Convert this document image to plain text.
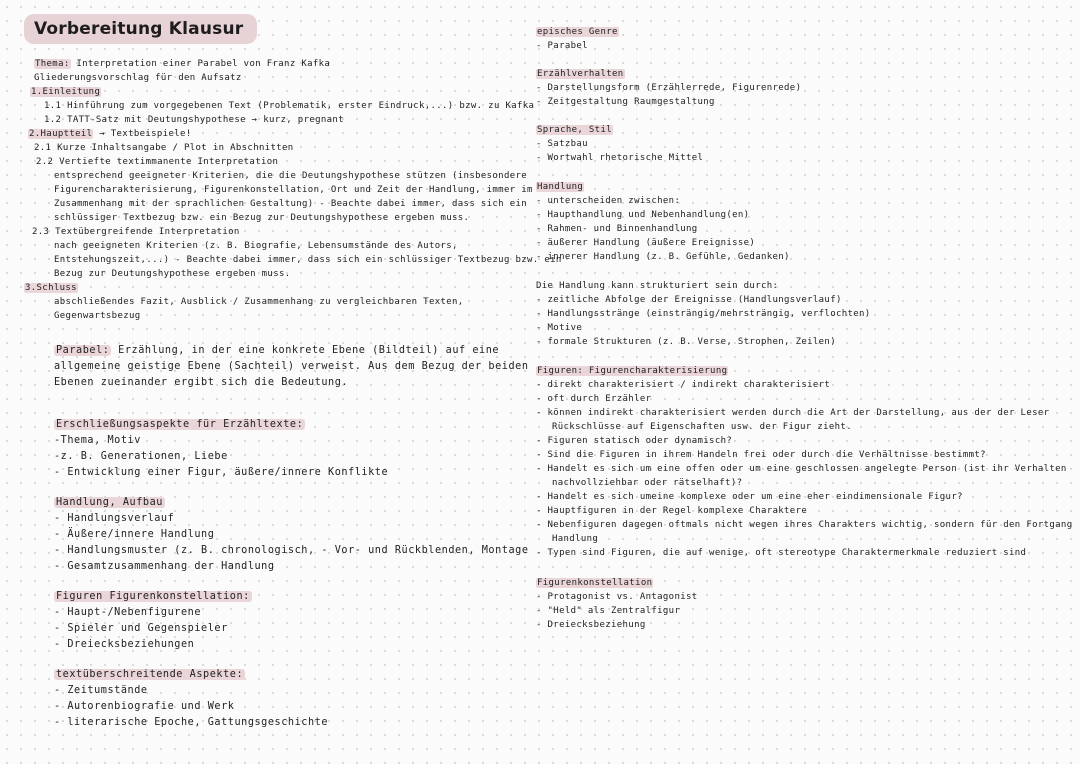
Vorbereitung Klausur
Thema: Interpretation einer Parabel von Franz Kafka
Gliederungsvorschlag für den Aufsatz
1.Einleitung
1.1 Hinführung zum vorgegebenen Text (Problematik, erster Eindruck,...) bzw. zu Kafka
1.2 TATT-Satz mit Deutungshypothese → kurz, pregnant
2.Hauptteil → Textbeispiele!
2.1 Kurze Inhaltsangabe / Plot in Abschnitten
2.2 Vertiefte textimmanente Interpretation
entsprechend geeigneter Kriterien, die die Deutungshypothese stützen (insbesondere
Figurencharakterisierung, Figurenkonstellation, Ort und Zeit der Handlung, immer im
Zusammenhang mit der sprachlichen Gestaltung) - Beachte dabei immer, dass sich ein
schlüssiger Textbezug bzw. ein Bezug zur Deutungshypothese ergeben muss.
2.3 Textübergreifende Interpretation
nach geeigneten Kriterien (z. B. Biografie, Lebensumstände des Autors,
Entstehungszeit,...) - Beachte dabei immer, dass sich ein schlüssiger Textbezug bzw. ein
Bezug zur Deutungshypothese ergeben muss.
3.Schluss
abschließendes Fazit, Ausblick / Zusammenhang zu vergleichbaren Texten,
Gegenwartsbezug
Parabel: Erzählung, in der eine konkrete Ebene (Bildteil) auf eine
allgemeine geistige Ebene (Sachteil) verweist. Aus dem Bezug der beiden
Ebenen zueinander ergibt sich die Bedeutung.
Erschließungsaspekte für Erzähltexte:
-Thema, Motiv
-z. B. Generationen, Liebe
- Entwicklung einer Figur, äußere/innere Konflikte
Handlung, Aufbau
- Handlungsverlauf
- Äußere/innere Handlung
- Handlungsmuster (z. B. chronologisch, - Vor- und Rückblenden, Montage
- Gesamtzusammenhang der Handlung
Figuren Figurenkonstellation:
- Haupt-/Nebenfigurene
- Spieler und Gegenspieler
- Dreiecksbeziehungen
textüberschreitende Aspekte:
- Zeitumstände
- Autorenbiografie und Werk
- literarische Epoche, Gattungsgeschichte
episches Genre
- Parabel
Erzählverhalten
- Darstellungsform (Erzählerrede, Figurenrede)
- Zeitgestaltung Raumgestaltung
Sprache, Stil
- Satzbau
- Wortwahl rhetorische Mittel
Handlung
- unterscheiden zwischen:
- Haupthandlung und Nebenhandlung(en)
- Rahmen- und Binnenhandlung
- äußerer Handlung (äußere Ereignisse)
- innerer Handlung (z. B. Gefühle, Gedanken)
Die Handlung kann strukturiert sein durch:
- zeitliche Abfolge der Ereignisse (Handlungsverlauf)
- Handlungsstränge (einsträngig/mehrsträngig, verflochten)
- Motive
- formale Strukturen (z. B. Verse, Strophen, Zeilen)
Figuren: Figurencharakterisierung
- direkt charakterisiert / indirekt charakterisiert
- oft durch Erzähler
- können indirekt charakterisiert werden durch die Art der Darstellung, aus der der Leser
Rückschlüsse auf Eigenschaften usw. der Figur zieht.
- Figuren statisch oder dynamisch?
- Sind die Figuren in ihrem Handeln frei oder durch die Verhältnisse bestimmt?
- Handelt es sich um eine offen oder um eine geschlossen angelegte Person (ist ihr Verhalten
nachvollziehbar oder rätselhaft)?
- Handelt es sich umeine komplexe oder um eine eher eindimensionale Figur?
- Hauptfiguren in der Regel komplexe Charaktere
- Nebenfiguren dagegen oftmals nicht wegen ihres Charakters wichtig, sondern für den Fortgang
Handlung
- Typen sind Figuren, die auf wenige, oft stereotype Charaktermerkmale reduziert sind
Figurenkonstellation
- Protagonist vs. Antagonist
- "Held" als Zentralfigur
- Dreiecksbeziehung
